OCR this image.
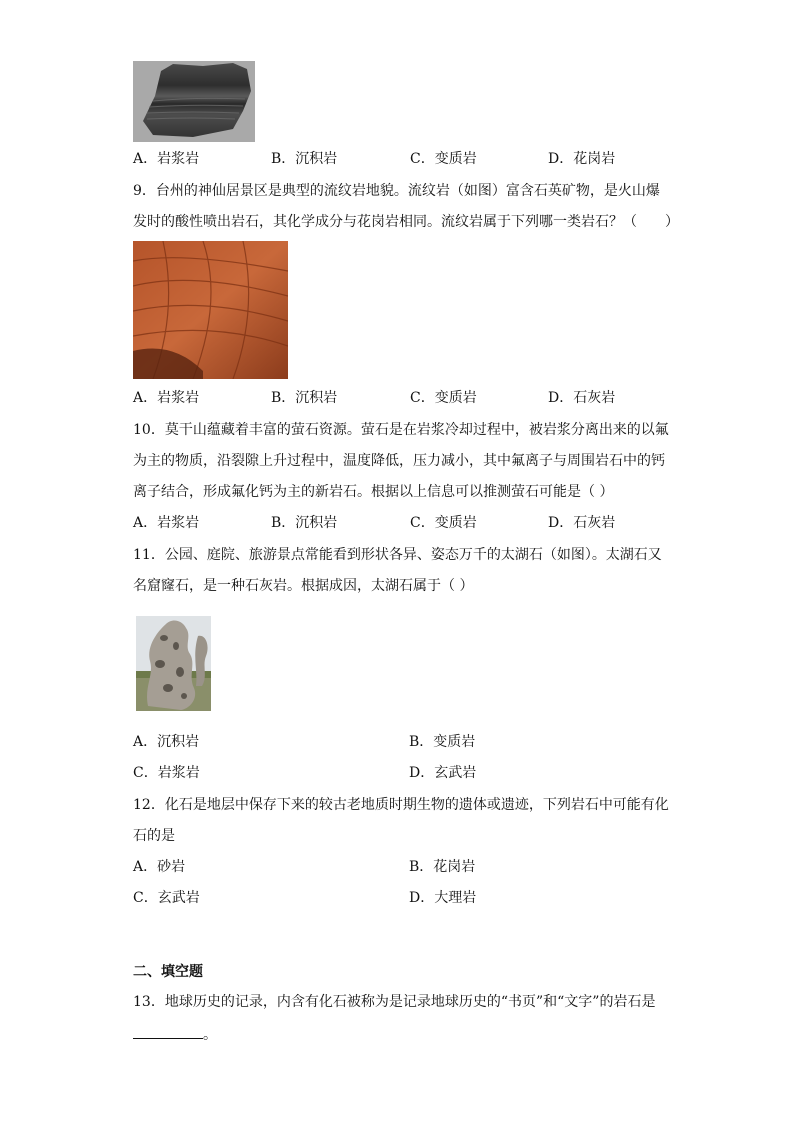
A．岩浆岩	B．沉积岩	C．变质岩	D．花岗岩
9．台州的神仙居景区是典型的流纹岩地貌。流纹岩（如图）富含石英矿物，是火山爆
发时的酸性喷出岩石，其化学成分与花岗岩相同。流纹岩属于下列哪一类岩石？（　　）
A．岩浆岩	B．沉积岩	C．变质岩	D．石灰岩
10．莫干山蕴藏着丰富的萤石资源。萤石是在岩浆冷却过程中，被岩浆分离出来的以氟
为主的物质，沿裂隙上升过程中，温度降低，压力减小，其中氟离子与周围岩石中的钙
离子结合，形成氟化钙为主的新岩石。根据以上信息可以推测萤石可能是（ ）
A．岩浆岩	B．沉积岩	C．变质岩	D．石灰岩
11．公园、庭院、旅游景点常能看到形状各异、姿态万千的太湖石（如图）。太湖石又
名窟窿石，是一种石灰岩。根据成因，太湖石属于（ ）
A．沉积岩	B．变质岩
C．岩浆岩	D．玄武岩
12．化石是地层中保存下来的较古老地质时期生物的遗体或遗迹，下列岩石中可能有化
石的是
A．砂岩	B．花岗岩
C．玄武岩	D．大理岩
二、填空题
13．地球历史的记录，内含有化石被称为是记录地球历史的“书页”和“文字”的岩石是
。
